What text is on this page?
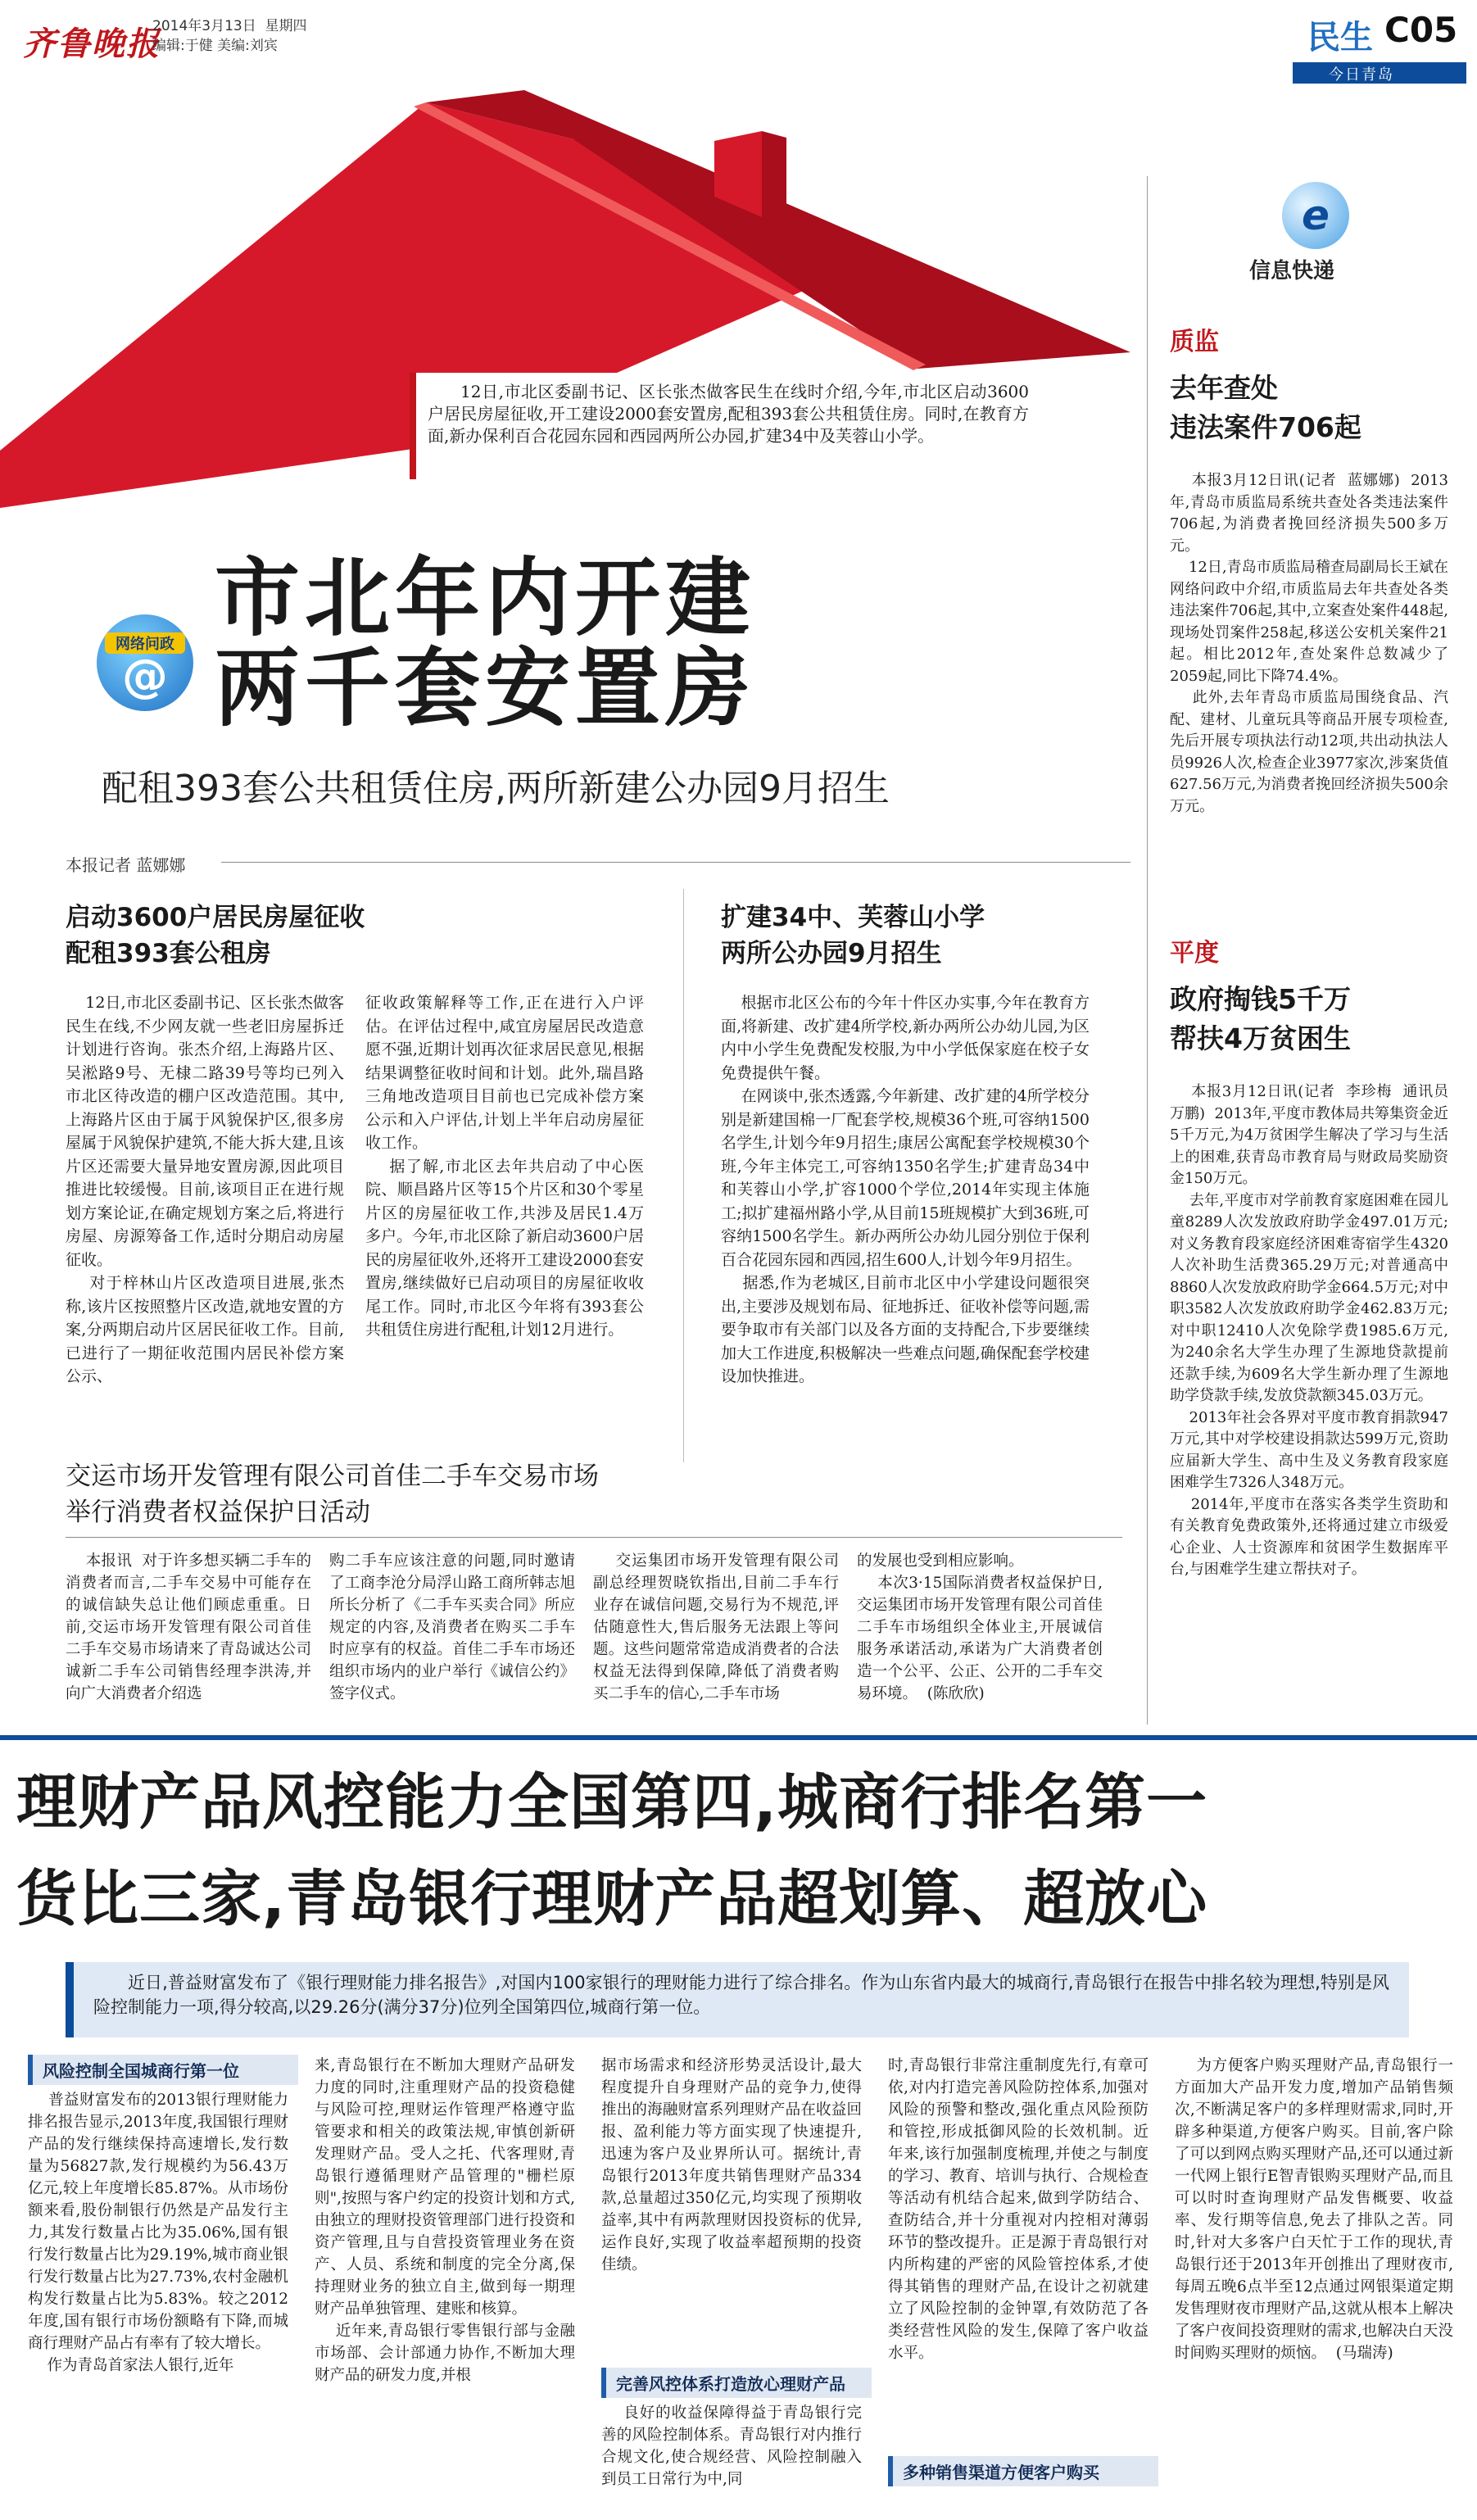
齐鲁晚报
2014年3月13日 星期四
编辑:于健 美编:刘宾	民生 C05
今日青岛

12日,市北区委副书记、区长张杰做客民生在线时介绍,今年,市北区启动3600户居民房屋征收,开工建设2000套安置房,配租393套公共租赁住房。同时,在教育方面,新办保利百合花园东园和西园两所公办园,扩建34中及芙蓉山小学。

网络问政
@
市北年内开建
两千套安置房
配租393套公共租赁住房,两所新建公办园9月招生
本报记者 蓝娜娜
启动3600户居民房屋征收
配租393套公租房

12日,市北区委副书记、区长张杰做客民生在线,不少网友就一些老旧房屋拆迁计划进行咨询。张杰介绍,上海路片区、吴淞路9号、无棣二路39号等均已列入市北区待改造的棚户区改造范围。其中,上海路片区由于属于风貌保护区,很多房屋属于风貌保护建筑,不能大拆大建,且该片区还需要大量异地安置房源,因此项目推进比较缓慢。目前,该项目正在进行规划方案论证,在确定规划方案之后,将进行房屋、房源筹备工作,适时分期启动房屋征收。
对于梓林山片区改造项目进展,张杰称,该片区按照整片区改造,就地安置的方案,分两期启动片区居民征收工作。目前,已进行了一期征收范围内居民补偿方案公示、

征收政策解释等工作,正在进行入户评估。在评估过程中,咸宜房屋居民改造意愿不强,近期计划再次征求居民意见,根据结果调整征收时间和计划。此外,瑞昌路三角地改造项目目前也已完成补偿方案公示和入户评估,计划上半年启动房屋征收工作。
据了解,市北区去年共启动了中心医院、顺昌路片区等15个片区和30个零星片区的房屋征收工作,共涉及居民1.4万多户。今年,市北区除了新启动3600户居民的房屋征收外,还将开工建设2000套安置房,继续做好已启动项目的房屋征收收尾工作。同时,市北区今年将有393套公共租赁住房进行配租,计划12月进行。

扩建34中、芙蓉山小学
两所公办园9月招生

根据市北区公布的今年十件区办实事,今年在教育方面,将新建、改扩建4所学校,新办两所公办幼儿园,为区内中小学生免费配发校服,为中小学低保家庭在校子女免费提供午餐。
在网谈中,张杰透露,今年新建、改扩建的4所学校分别是新建国棉一厂配套学校,规模36个班,可容纳1500名学生,计划今年9月招生;康居公寓配套学校规模30个班,今年主体完工,可容纳1350名学生;扩建青岛34中和芙蓉山小学,扩容1000个学位,2014年实现主体施工;拟扩建福州路小学,从目前15班规模扩大到36班,可容纳1500名学生。新办两所公办幼儿园分别位于保利百合花园东园和西园,招生600人,计划今年9月招生。
据悉,作为老城区,目前市北区中小学建设问题很突出,主要涉及规划布局、征地拆迁、征收补偿等问题,需要争取市有关部门以及各方面的支持配合,下步要继续加大工作进度,积极解决一些难点问题,确保配套学校建设加快推进。

交运市场开发管理有限公司首佳二手车交易市场
举行消费者权益保护日活动

本报讯  对于许多想买辆二手车的消费者而言,二手车交易中可能存在的诚信缺失总让他们顾虑重重。日前,交运市场开发管理有限公司首佳二手车交易市场请来了青岛诚达公司诚新二手车公司销售经理李洪涛,并向广大消费者介绍选

购二手车应该注意的问题,同时邀请了工商李沧分局浮山路工商所韩志旭所长分析了《二手车买卖合同》所应规定的内容,及消费者在购买二手车时应享有的权益。首佳二手车市场还组织市场内的业户举行《诚信公约》签字仪式。

交运集团市场开发管理有限公司副总经理贺晓钦指出,目前二手车行业存在诚信问题,交易行为不规范,评估随意性大,售后服务无法跟上等问题。这些问题常常造成消费者的合法权益无法得到保障,降低了消费者购买二手车的信心,二手车市场

的发展也受到相应影响。
本次3·15国际消费者权益保护日,交运集团市场开发管理有限公司首佳二手车市场组织全体业主,开展诚信服务承诺活动,承诺为广大消费者创造一个公平、公正、公开的二手车交易环境。  (陈欣欣)

e
信息快递
质监
去年查处
违法案件706起

本报3月12日讯(记者  蓝娜娜)  2013年,青岛市质监局系统共查处各类违法案件706起,为消费者挽回经济损失500多万元。
12日,青岛市质监局稽查局副局长王斌在网络问政中介绍,市质监局去年共查处各类违法案件706起,其中,立案查处案件448起,现场处罚案件258起,移送公安机关案件21起。相比2012年,查处案件总数减少了2059起,同比下降74.4%。
此外,去年青岛市质监局围绕食品、汽配、建材、儿童玩具等商品开展专项检查,先后开展专项执法行动12项,共出动执法人员9926人次,检查企业3977家次,涉案货值627.56万元,为消费者挽回经济损失500余万元。

平度
政府掏钱5千万
帮扶4万贫困生

本报3月12日讯(记者  李珍梅  通讯员  万鹏)  2013年,平度市教体局共筹集资金近5千万元,为4万贫困学生解决了学习与生活上的困难,获青岛市教育局与财政局奖励资金150万元。
去年,平度市对学前教育家庭困难在园儿童8289人次发放政府助学金497.01万元;对义务教育段家庭经济困难寄宿学生4320人次补助生活费365.29万元;对普通高中8860人次发放政府助学金664.5万元;对中职3582人次发放政府助学金462.83万元;对中职12410人次免除学费1985.6万元,为240余名大学生办理了生源地贷款提前还款手续,为609名大学生新办理了生源地助学贷款手续,发放贷款额345.03万元。
2013年社会各界对平度市教育捐款947万元,其中对学校建设捐款达599万元,资助应届新大学生、高中生及义务教育段家庭困难学生7326人348万元。
2014年,平度市在落实各类学生资助和有关教育免费政策外,还将通过建立市级爱心企业、人士资源库和贫困学生数据库平台,与困难学生建立帮扶对子。

理财产品风控能力全国第四,城商行排名第一
货比三家,青岛银行理财产品超划算、超放心

近日,普益财富发布了《银行理财能力排名报告》,对国内100家银行的理财能力进行了综合排名。作为山东省内最大的城商行,青岛银行在报告中排名较为理想,特别是风险控制能力一项,得分较高,以29.26分(满分37分)位列全国第四位,城商行第一位。

风险控制全国城商行第一位

普益财富发布的2013银行理财能力排名报告显示,2013年度,我国银行理财产品的发行继续保持高速增长,发行数量为56827款,发行规模约为56.43万亿元,较上年度增长85.87%。从市场份额来看,股份制银行仍然是产品发行主力,其发行数量占比为35.06%,国有银行发行数量占比为29.19%,城市商业银行发行数量占比为27.73%,农村金融机构发行数量占比为5.83%。较之2012年度,国有银行市场份额略有下降,而城商行理财产品占有率有了较大增长。
作为青岛首家法人银行,近年

来,青岛银行在不断加大理财产品研发力度的同时,注重理财产品的投资稳健与风险可控,理财运作管理严格遵守监管要求和相关的政策法规,审慎创新研发理财产品。受人之托、代客理财,青岛银行遵循理财产品管理的"栅栏原则",按照与客户约定的投资计划和方式,由独立的理财投资管理部门进行投资和资产管理,且与自营投资管理业务在资产、人员、系统和制度的完全分离,保持理财业务的独立自主,做到每一期理财产品单独管理、建账和核算。
近年来,青岛银行零售银行部与金融市场部、会计部通力协作,不断加大理财产品的研发力度,并根

据市场需求和经济形势灵活设计,最大程度提升自身理财产品的竞争力,使得推出的海融财富系列理财产品在收益回报、盈利能力等方面实现了快速提升,迅速为客户及业界所认可。据统计,青岛银行2013年度共销售理财产品334款,总量超过350亿元,均实现了预期收益率,其中有两款理财因投资标的优异,运作良好,实现了收益率超预期的投资佳绩。

完善风控体系打造放心理财产品

良好的收益保障得益于青岛银行完善的风险控制体系。青岛银行对内推行合规文化,使合规经营、风险控制融入到员工日常行为中,同

时,青岛银行非常注重制度先行,有章可依,对内打造完善风险防控体系,加强对风险的预警和整改,强化重点风险预防和管控,形成抵御风险的长效机制。近年来,该行加强制度梳理,并使之与制度的学习、教育、培训与执行、合规检查等活动有机结合起来,做到学防结合、查防结合,并十分重视对内控相对薄弱环节的整改提升。正是源于青岛银行对内所构建的严密的风险管控体系,才使得其销售的理财产品,在设计之初就建立了风险控制的金钟罩,有效防范了各类经营性风险的发生,保障了客户收益水平。

多种销售渠道方便客户购买

为方便客户购买理财产品,青岛银行一方面加大产品开发力度,增加产品销售频次,不断满足客户的多样理财需求,同时,开辟多种渠道,方便客户购买。目前,客户除了可以到网点购买理财产品,还可以通过新一代网上银行E智青银购买理财产品,而且可以时时查询理财产品发售概要、收益率、发行期等信息,免去了排队之苦。同时,针对大多客户白天忙于工作的现状,青岛银行还于2013年开创推出了理财夜市,每周五晚6点半至12点通过网银渠道定期发售理财夜市理财产品,这就从根本上解决了客户夜间投资理财的需求,也解决白天没时间购买理财的烦恼。  (马瑞涛)
